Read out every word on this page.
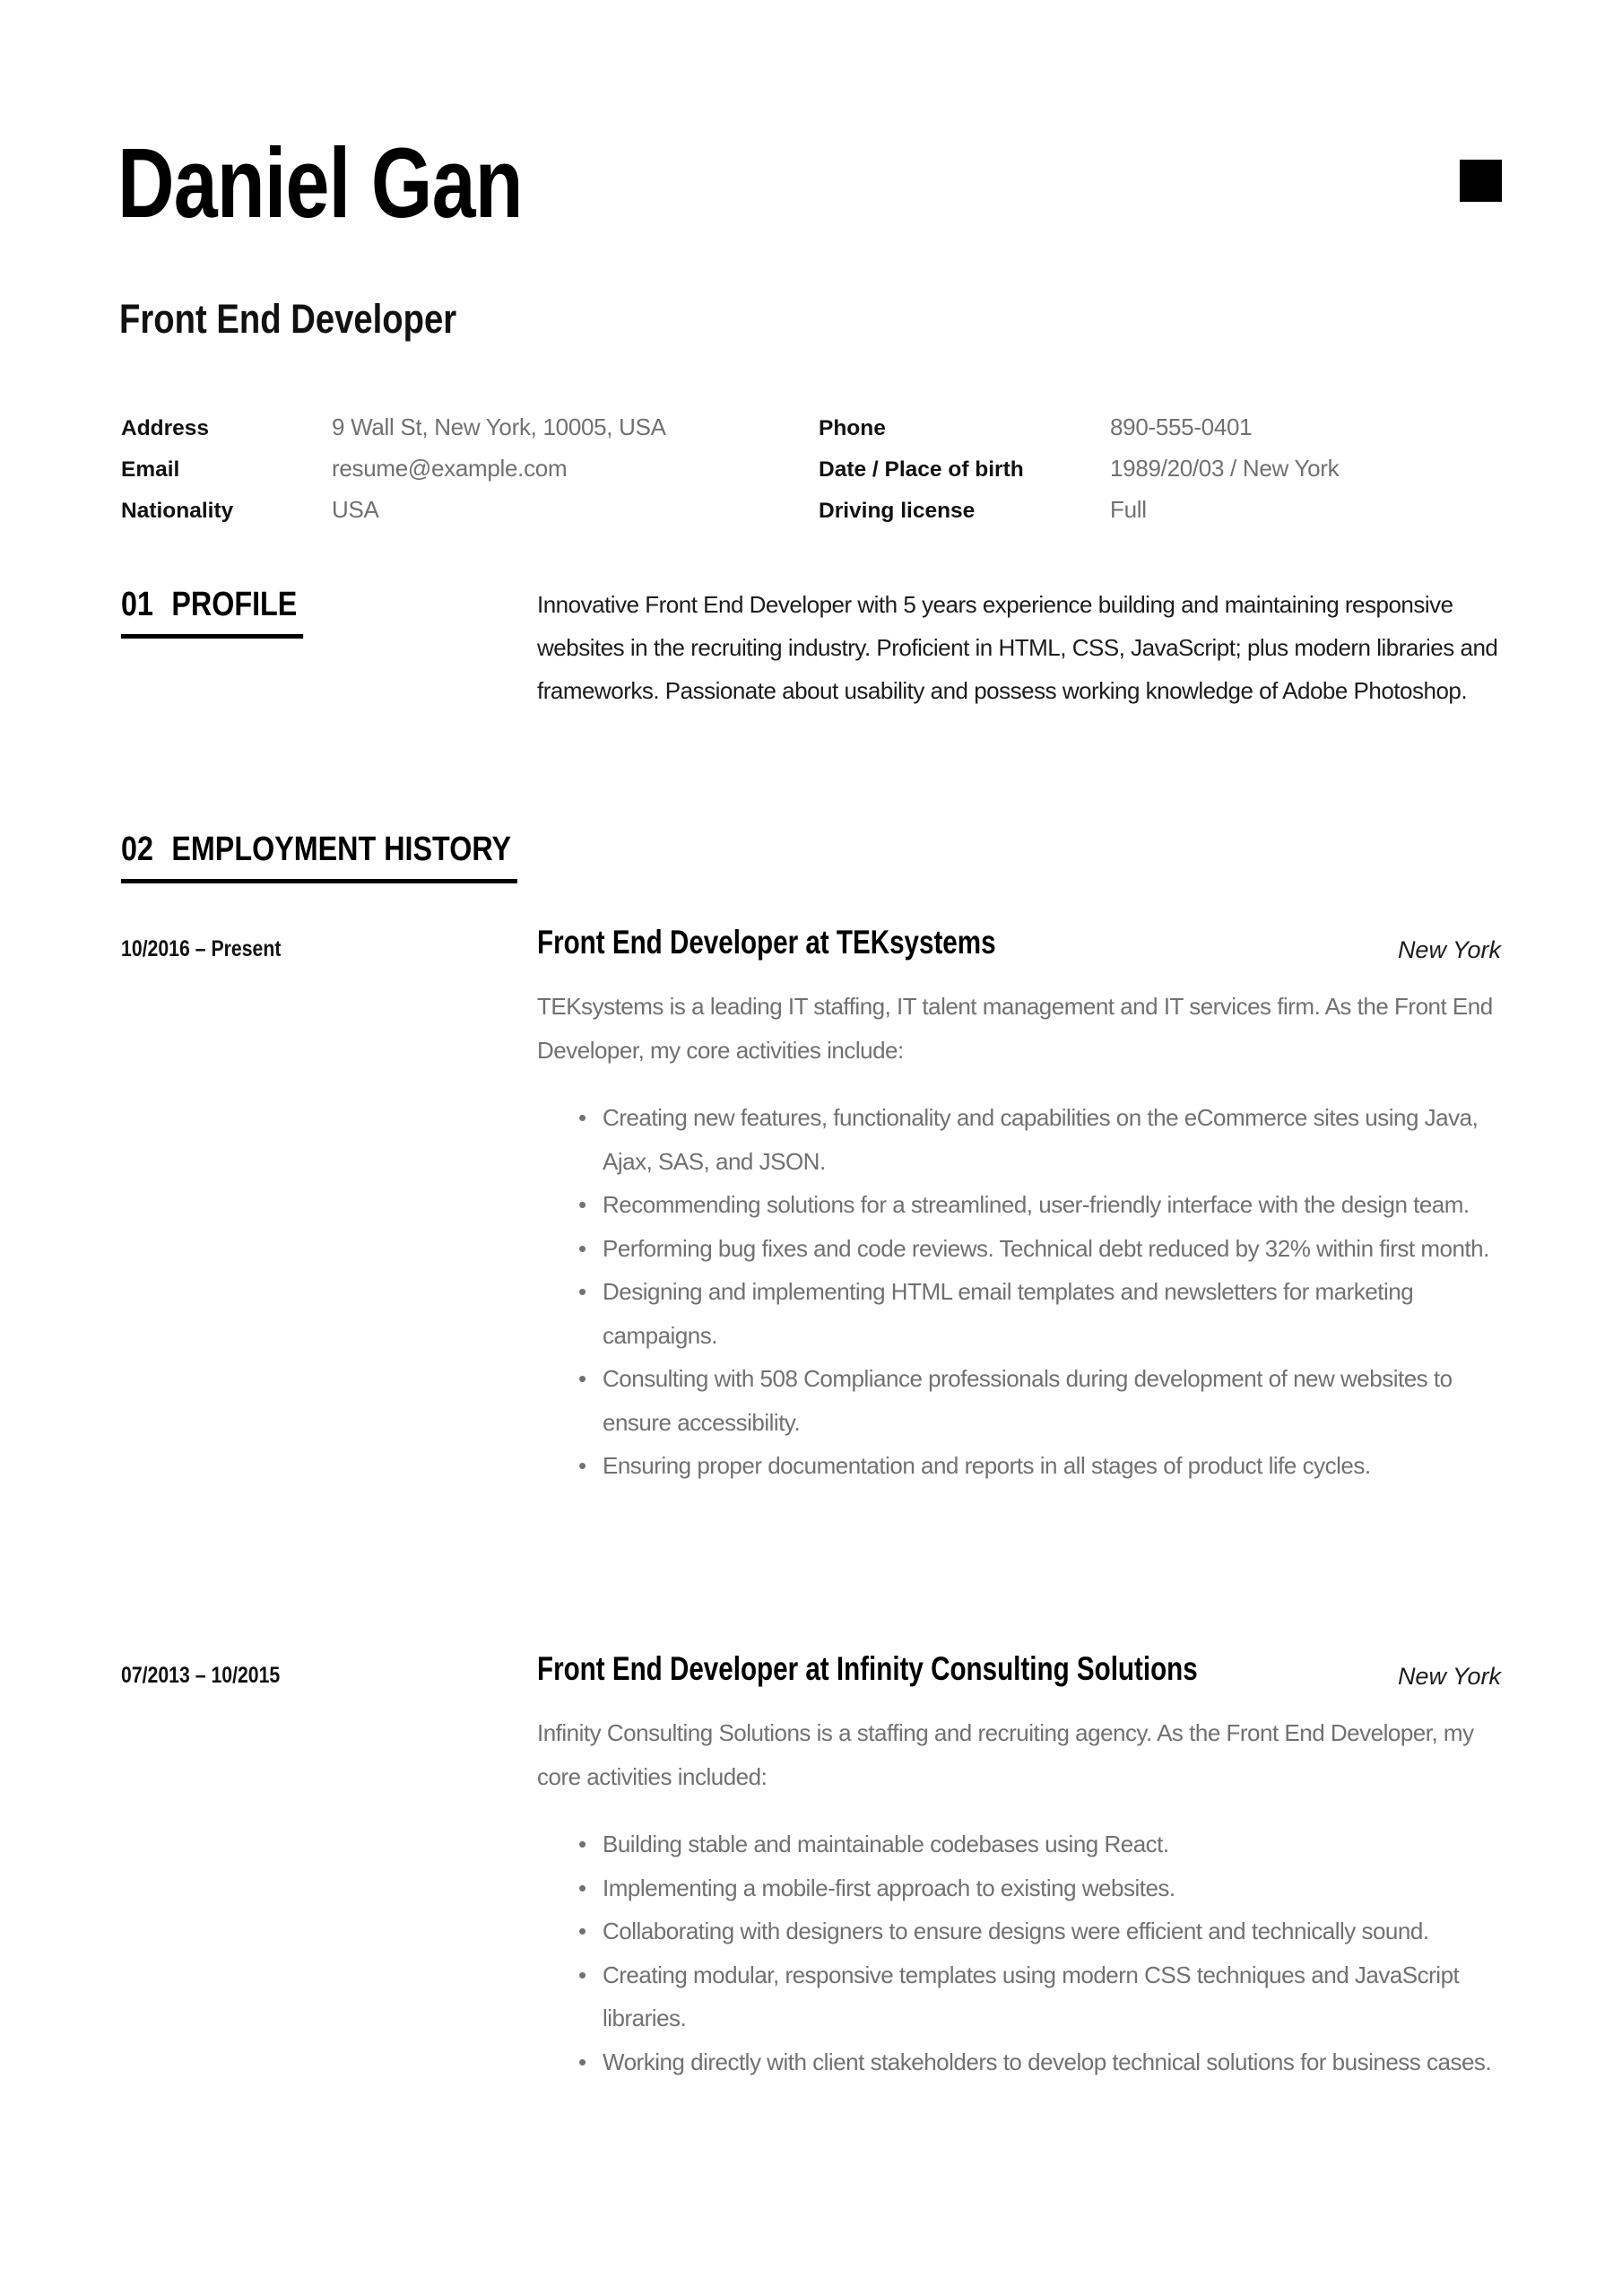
Daniel Gan
Front End Developer
Address	9 Wall St, New York, 10005, USA	Phone	890-555-0401
Email	resume@example.com	Date / Place of birth	1989/20/03 / New York
Nationality	USA	Driving license	Full
01 PROFILE	Innovative Front End Developer with 5 years experience building and maintaining responsive websites in the recruiting industry. Proficient in HTML, CSS, JavaScript; plus modern libraries and frameworks. Passionate about usability and possess working knowledge of Adobe Photoshop.
02 EMPLOYMENT HISTORY
10/2016 – Present	Front End Developer at TEKsystems	New York
TEKsystems is a leading IT staffing, IT talent management and IT services firm. As the Front End Developer, my core activities include:
• Creating new features, functionality and capabilities on the eCommerce sites using Java, Ajax, SAS, and JSON.
• Recommending solutions for a streamlined, user-friendly interface with the design team.
• Performing bug fixes and code reviews. Technical debt reduced by 32% within first month.
• Designing and implementing HTML email templates and newsletters for marketing campaigns.
• Consulting with 508 Compliance professionals during development of new websites to ensure accessibility.
• Ensuring proper documentation and reports in all stages of product life cycles.
07/2013 – 10/2015	Front End Developer at Infinity Consulting Solutions	New York
Infinity Consulting Solutions is a staffing and recruiting agency. As the Front End Developer, my core activities included:
• Building stable and maintainable codebases using React.
• Implementing a mobile-first approach to existing websites.
• Collaborating with designers to ensure designs were efficient and technically sound.
• Creating modular, responsive templates using modern CSS techniques and JavaScript libraries.
• Working directly with client stakeholders to develop technical solutions for business cases.
